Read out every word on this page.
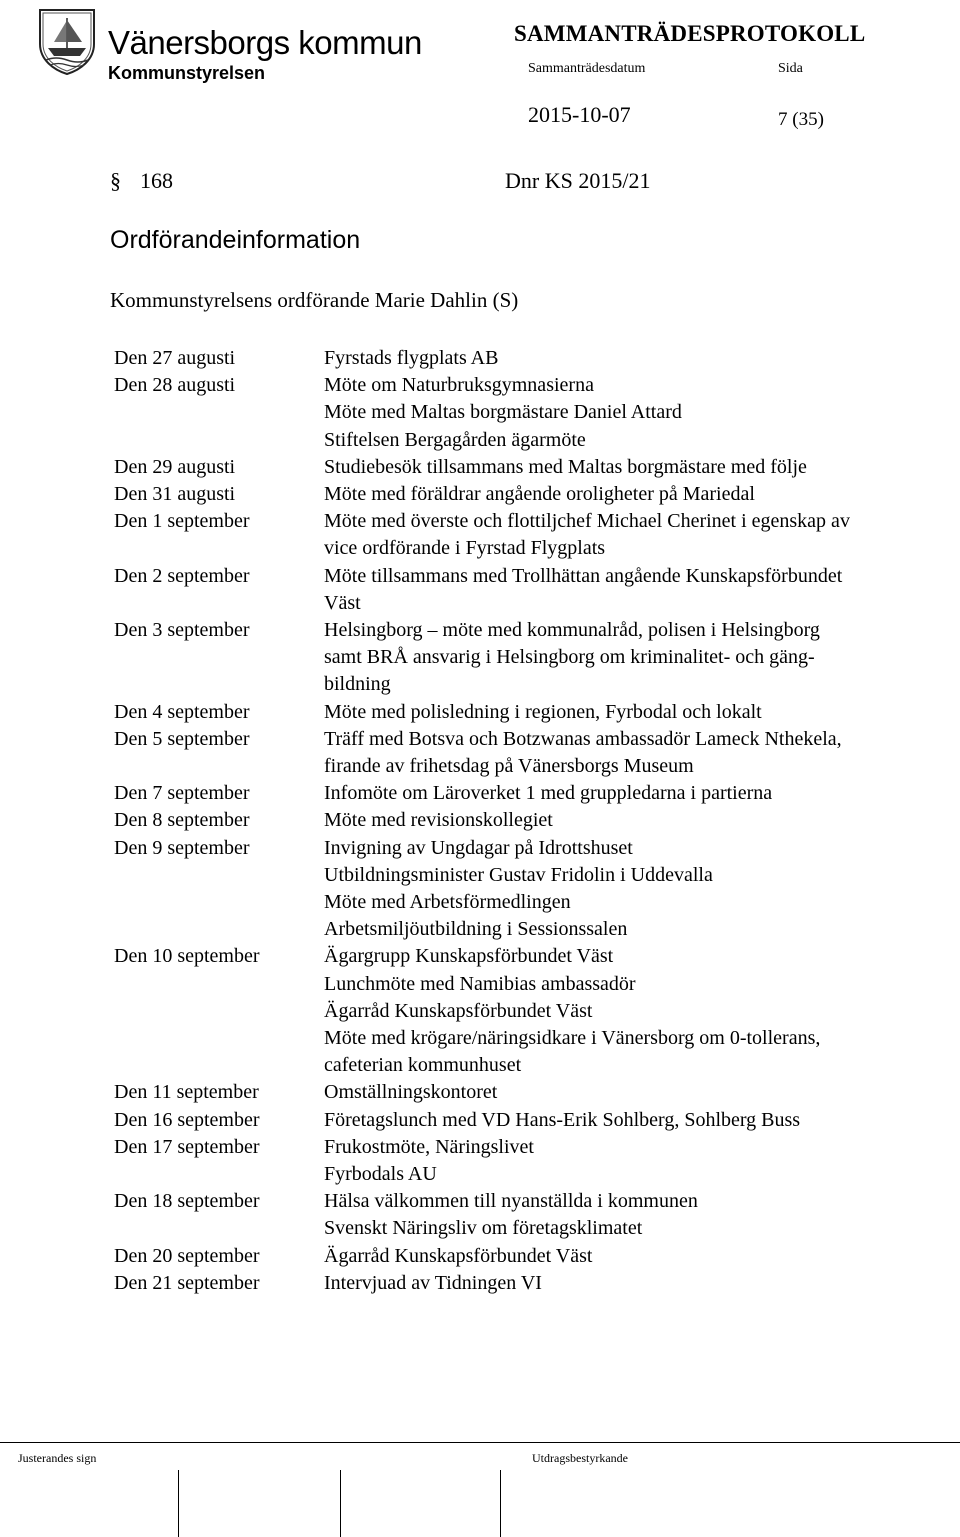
Vänersborgs kommun
Kommunstyrelsen
SAMMANTRÄDESPROTOKOLL
Sammanträdesdatum	Sida
2015-10-07	7 (35)
§ 168	Dnr KS 2015/21
Ordförandeinformation
Kommunstyrelsens ordförande Marie Dahlin (S)
Den 27 augusti	Fyrstads flygplats AB
Den 28 augusti	Möte om Naturbruksgymnasierna
Möte med Maltas borgmästare Daniel Attard
Stiftelsen Bergagården ägarmöte
Den 29 augusti	Studiebesök tillsammans med Maltas borgmästare med följe
Den 31 augusti	Möte med föräldrar angående oroligheter på Mariedal
Den 1 september	Möte med överste och flottiljchef Michael Cherinet i egenskap av
vice ordförande i Fyrstad Flygplats
Den 2 september	Möte tillsammans med Trollhättan angående Kunskapsförbundet
Väst
Den 3 september	Helsingborg – möte med kommunalråd, polisen i Helsingborg
samt BRÅ ansvarig i Helsingborg om kriminalitet- och gäng-
bildning
Den 4 september	Möte med polisledning i regionen, Fyrbodal och lokalt
Den 5 september	Träff med Botsva och Botzwanas ambassadör Lameck Nthekela,
firande av frihetsdag på Vänersborgs Museum
Den 7 september	Infomöte om Läroverket 1 med gruppledarna i partierna
Den 8 september	Möte med revisionskollegiet
Den 9 september	Invigning av Ungdagar på Idrottshuset
Utbildningsminister Gustav Fridolin i Uddevalla
Möte med Arbetsförmedlingen
Arbetsmiljöutbildning i Sessionssalen
Den 10 september	Ägargrupp Kunskapsförbundet Väst
Lunchmöte med Namibias ambassadör
Ägarråd Kunskapsförbundet Väst
Möte med krögare/näringsidkare i Vänersborg om 0-tollerans,
cafeterian kommunhuset
Den 11 september	Omställningskontoret
Den 16 september	Företagslunch med VD Hans-Erik Sohlberg, Sohlberg Buss
Den 17 september	Frukostmöte, Näringslivet
Fyrbodals AU
Den 18 september	Hälsa välkommen till nyanställda i kommunen
Svenskt Näringsliv om företagsklimatet
Den 20 september	Ägarråd Kunskapsförbundet Väst
Den 21 september	Intervjuad av Tidningen VI
Justerandes sign	Utdragsbestyrkande
